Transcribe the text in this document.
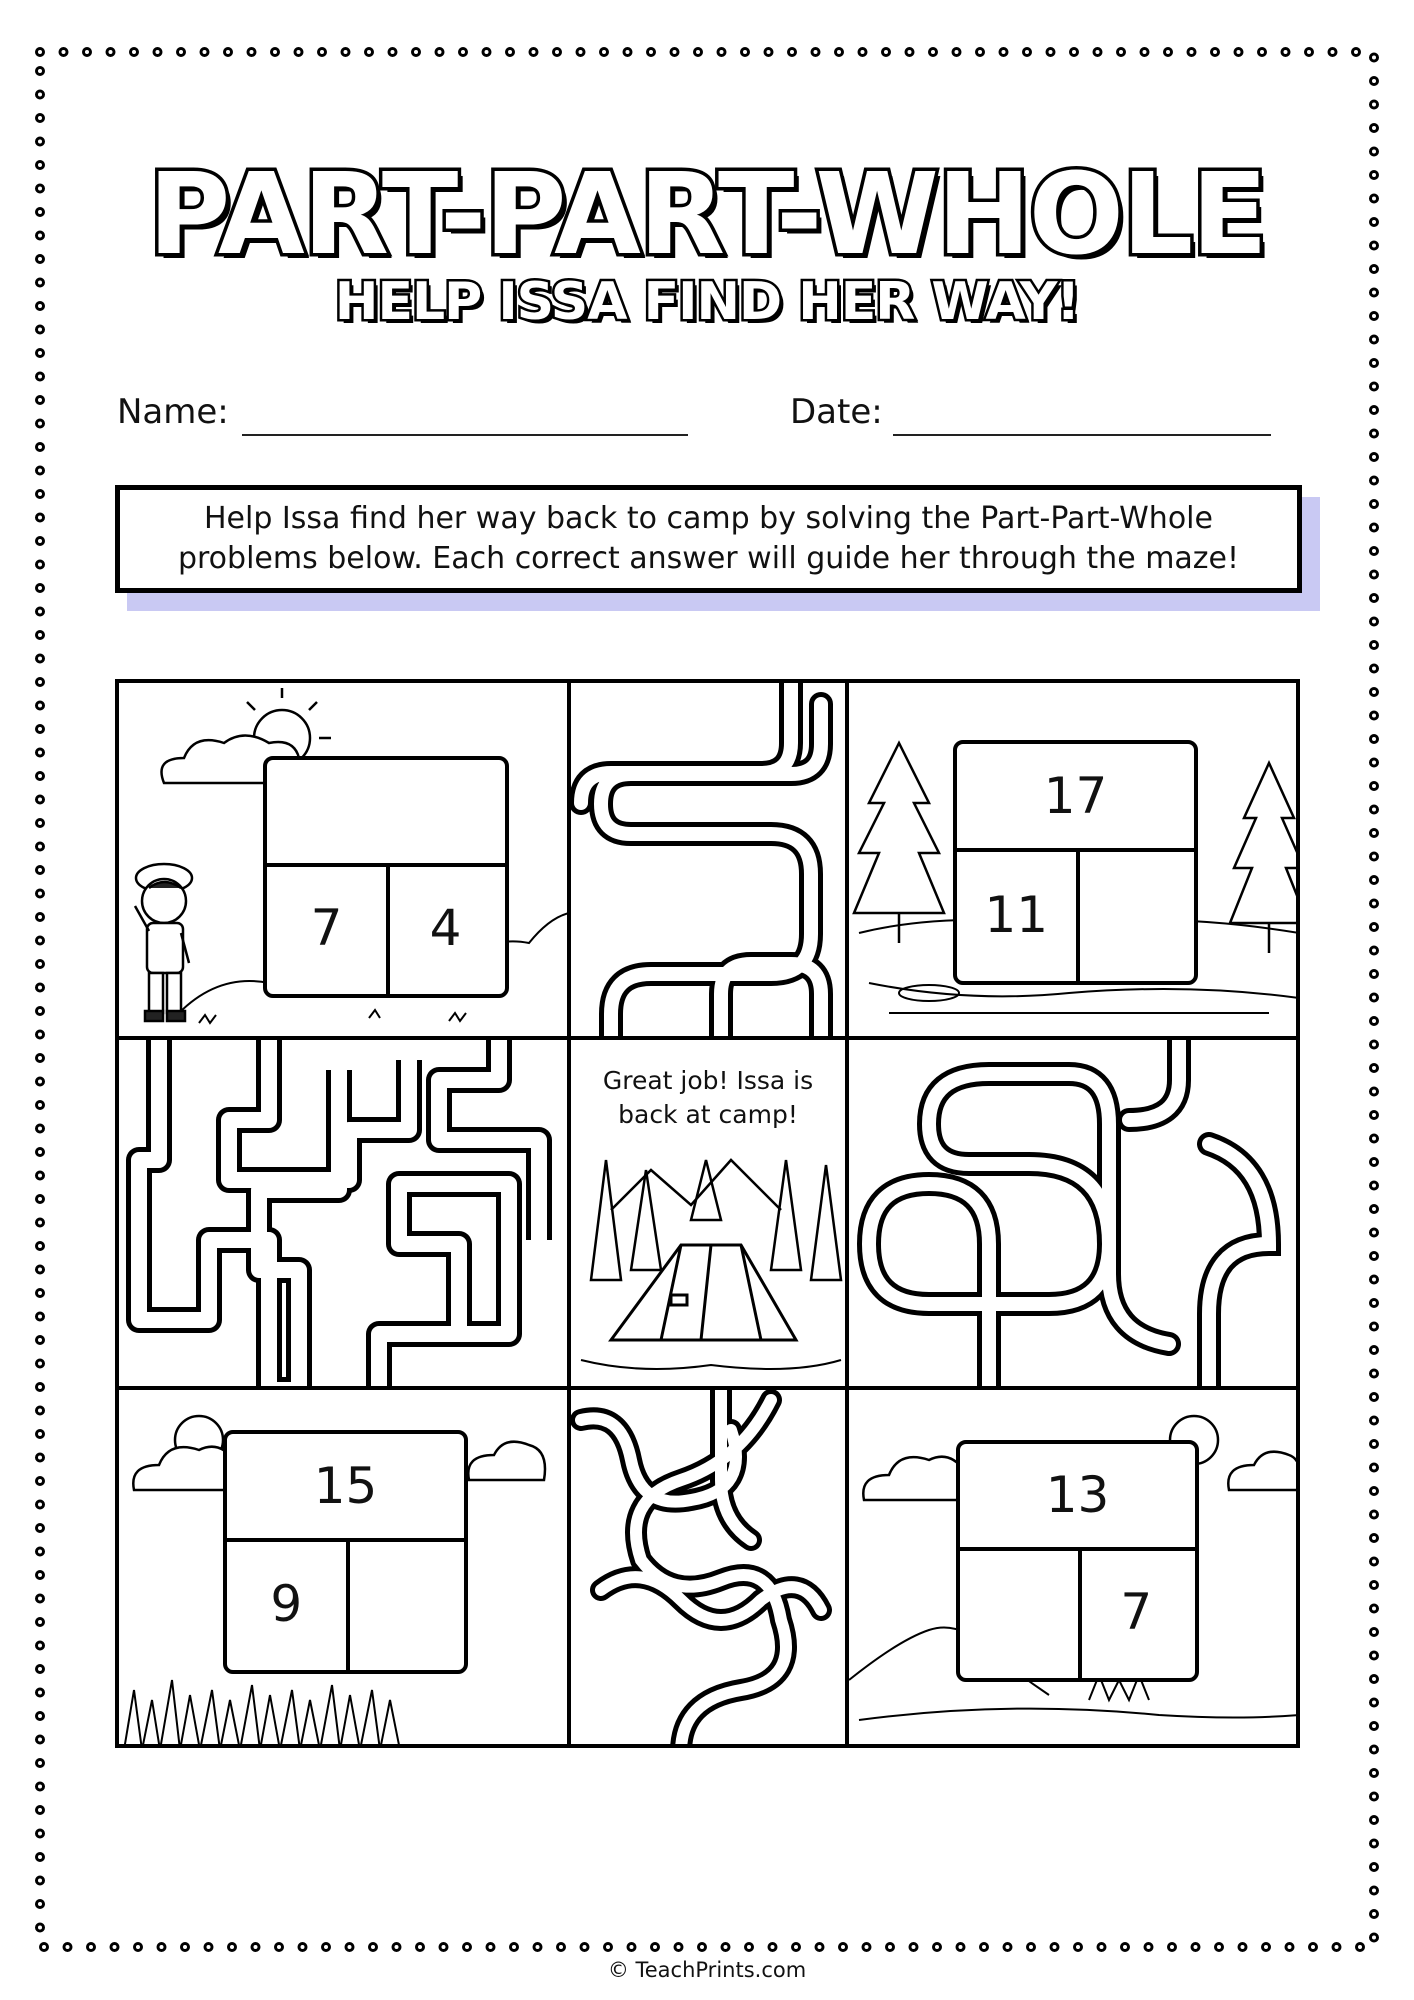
PART-PART-WHOLE
HELP ISSA FIND HER WAY!
Name:	Date:
Help Issa find her way back to camp by solving the Part-Part-Whole
problems below. Each correct answer will guide her through the maze!
7	4
17
11
Great job! Issa is
back at camp!
15
9
13
7
© TeachPrints.com
